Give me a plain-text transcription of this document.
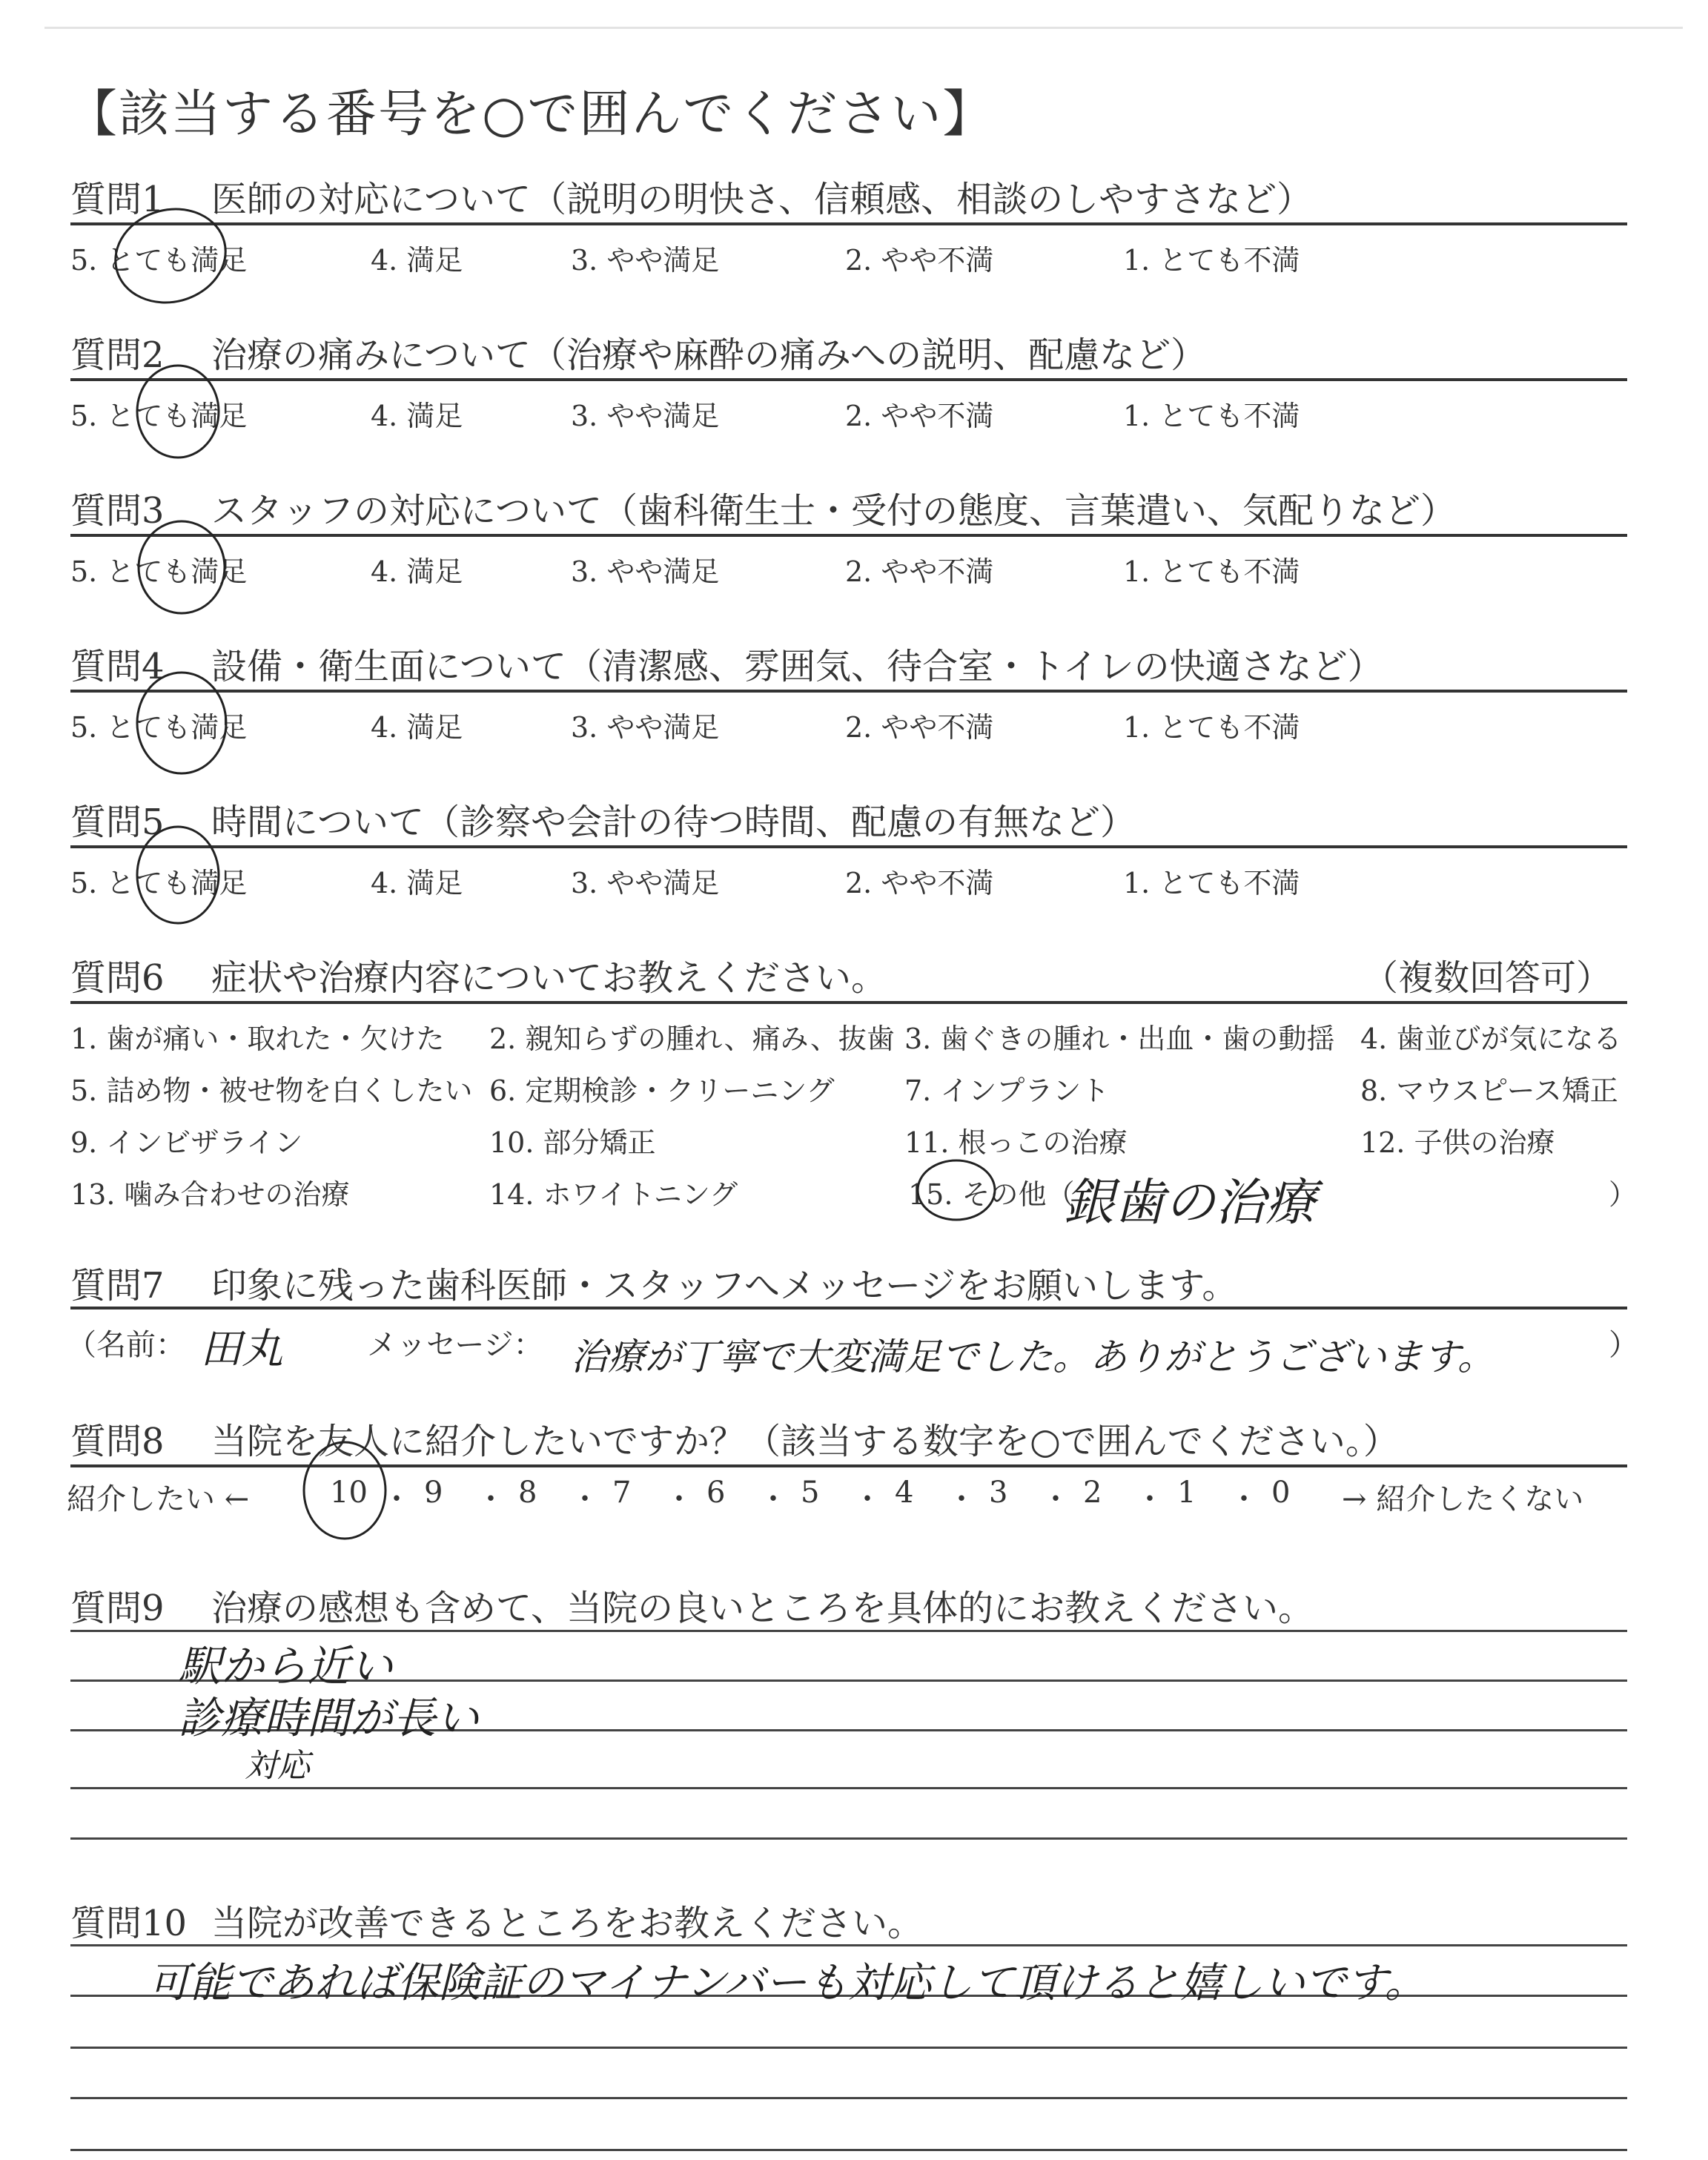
【該当する番号を○で囲んでください】
質問1 医師の対応について（説明の明快さ、信頼感、相談のしやすさなど）
5. とても満足	4. 満足	3. やや満足	2. やや不満	1. とても不満
質問2 治療の痛みについて（治療や麻酔の痛みへの説明、配慮など）
5. とても満足	4. 満足	3. やや満足	2. やや不満	1. とても不満
質問3 スタッフの対応について（歯科衛生士・受付の態度、言葉遣い、気配りなど）
5. とても満足	4. 満足	3. やや満足	2. やや不満	1. とても不満
質問4 設備・衛生面について（清潔感、雰囲気、待合室・トイレの快適さなど）
5. とても満足	4. 満足	3. やや満足	2. やや不満	1. とても不満
質問5 時間について（診察や会計の待つ時間、配慮の有無など）
5. とても満足	4. 満足	3. やや満足	2. やや不満	1. とても不満
質問6 症状や治療内容についてお教えください。	（複数回答可）
1. 歯が痛い・取れた・欠けた 2. 親知らずの腫れ、痛み、抜歯 3. 歯ぐきの腫れ・出血・歯の動揺 4. 歯並びが気になる
5. 詰め物・被せ物を白くしたい 6. 定期検診・クリーニング 7. インプラント	8. マウスピース矯正
9. インビザライン	10. 部分矯正	11. 根っこの治療	12. 子供の治療
13. 噛み合わせの治療	14. ホワイトニング	15. その他（	）
銀歯の治療
質問7 印象に残った歯科医師・スタッフへメッセージをお願いします。
（名前： 田丸	メッセージ： 治療が丁寧で大変満足でした。ありがとうございます。	）
質問8 当院を友人に紹介したいですか？（該当する数字を○で囲んでください。）
紹介したい ←	10 ・ 9 ・ 8 ・ 7 ・ 6 ・ 5 ・ 4 ・ 3 ・ 2 ・ 1 ・ 0 → 紹介したくない
質問9 治療の感想も含めて、当院の良いところを具体的にお教えください。
駅から近い
診療時間が長い
対応
質問10 当院が改善できるところをお教えください。
可能であれば保険証のマイナンバーも対応して頂けると嬉しいです。
